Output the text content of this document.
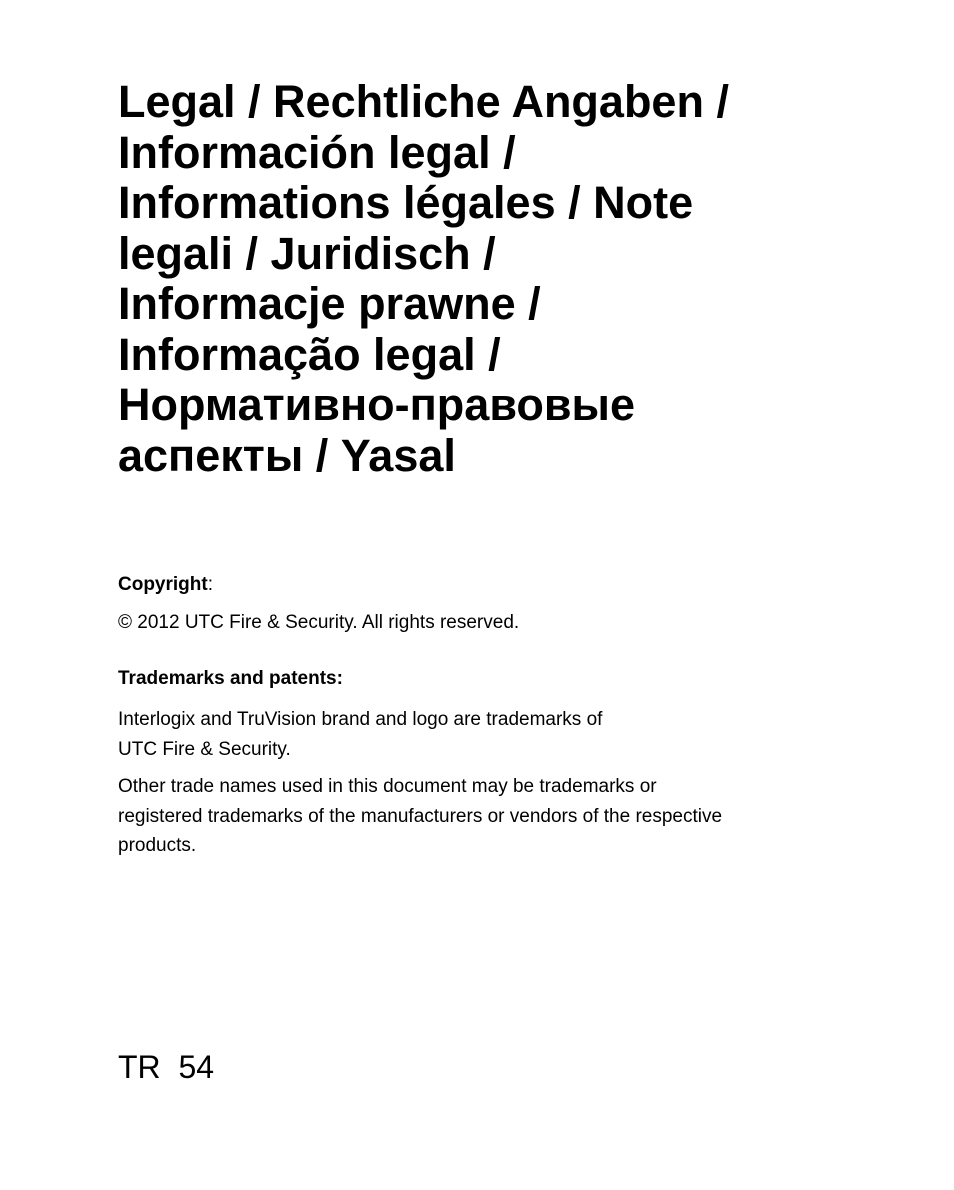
Legal / Rechtliche Angaben /
Información legal /
Informations légales / Note
legali / Juridisch /
Informacje prawne /
Informação legal /
Нормативно-правовые
аспекты / Yasal

Copyright:

© 2012 UTC Fire & Security. All rights reserved.

Trademarks and patents:

Interlogix and TruVision brand and logo are trademarks of
UTC Fire & Security.

Other trade names used in this document may be trademarks or
registered trademarks of the manufacturers or vendors of the respective
products.

TR 54
